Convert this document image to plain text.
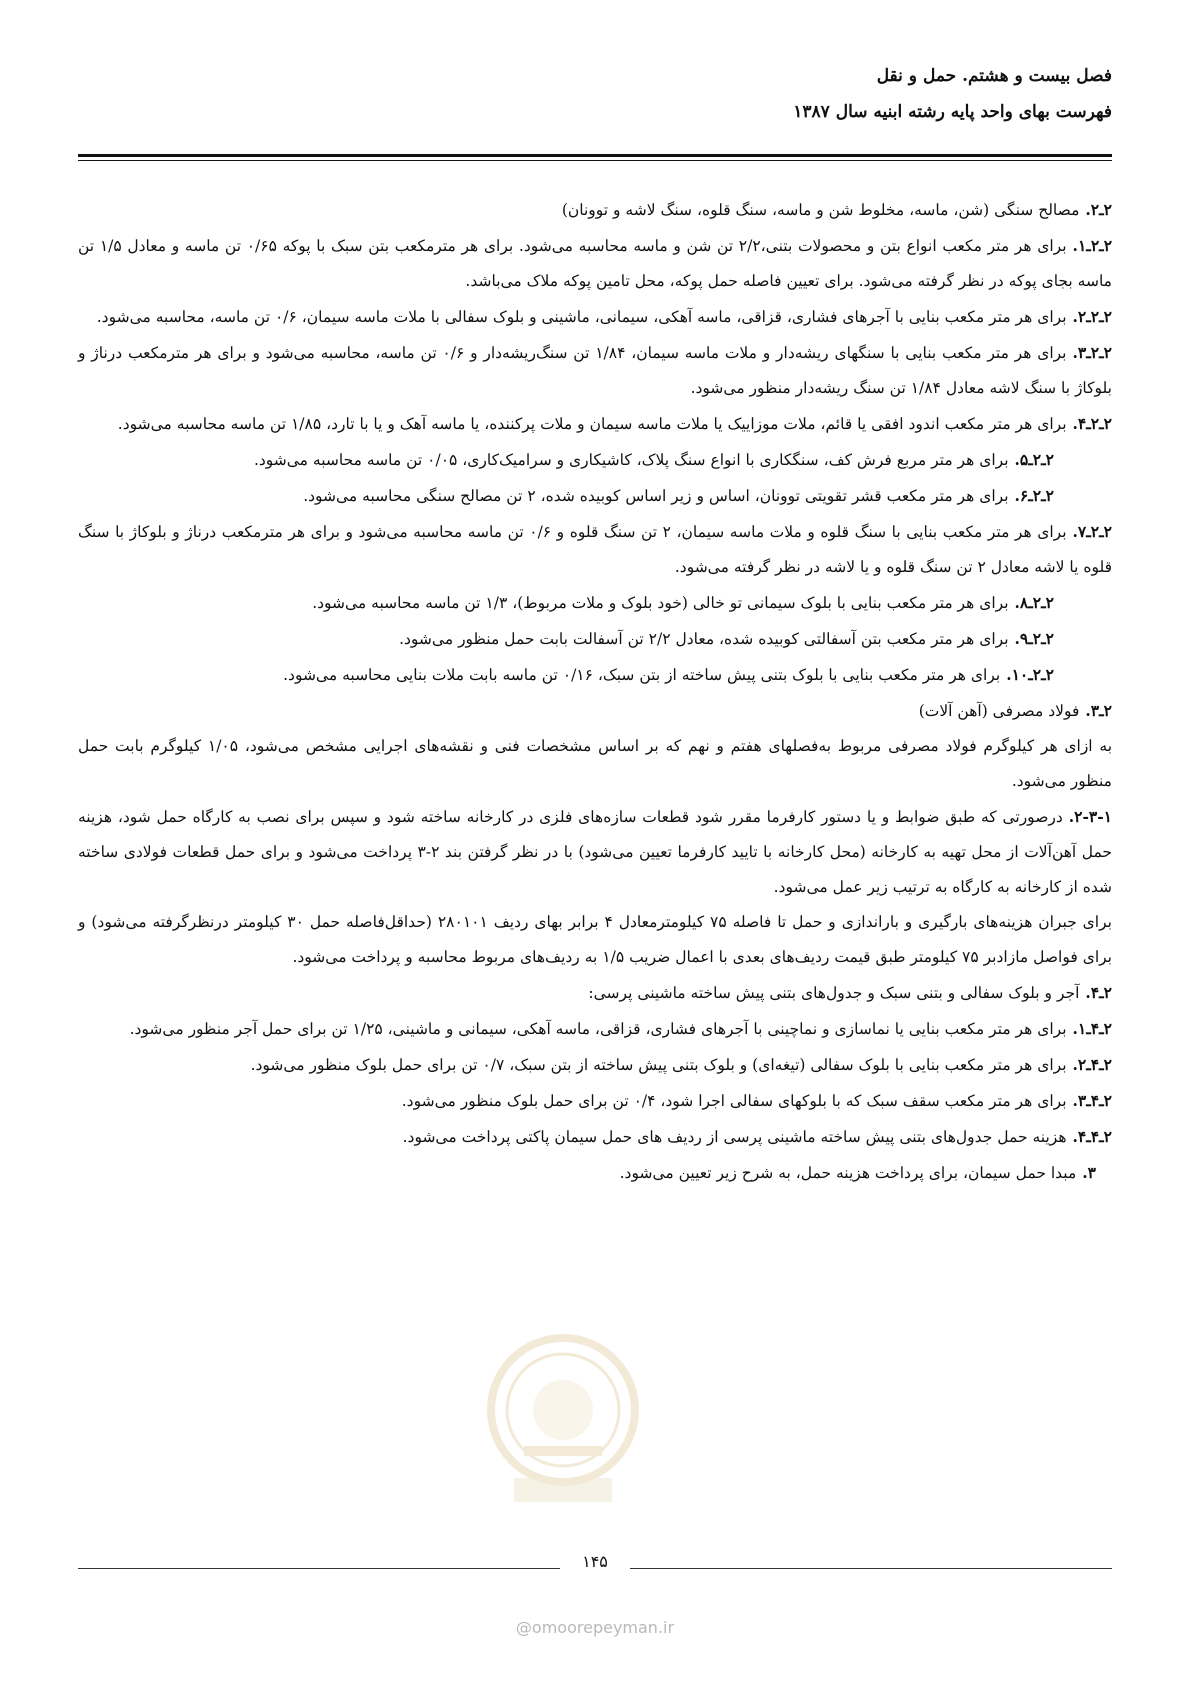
فصل بیست و هشتم. حمل و نقل
فهرست بهای واحد پایه رشته ابنیه سال ۱۳۸۷

۲ـ۲.مصالح سنگی (شن، ماسه، مخلوط شن و ماسه، سنگ قلوه، سنگ لاشه و توونان)

۲ـ۲ـ۱.برای هر متر مکعب انواع بتن و محصولات بتنی،۲/۲ تن شن و ماسه محاسبه می‌شود. برای هر مترمکعب بتن سبک با پوکه ۰/۶۵ تن ماسه و معادل ۱/۵ تن ماسه بجای پوکه در نظر گرفته می‌شود. برای تعیین فاصله حمل پوکه، محل تامین پوکه ملاک می‌باشد.

۲ـ۲ـ۲.برای هر متر مکعب بنایی با آجرهای فشاری، قزاقی، ماسه آهکی، سیمانی، ماشینی و بلوک سفالی با ملات ماسه سیمان، ۰/۶ تن ماسه، محاسبه می‌شود.

۲ـ۲ـ۳.برای هر متر مکعب بنایی با سنگهای ریشه‌دار و ملات ماسه سیمان، ۱/۸۴ تن سنگ‌ریشه‌دار و ۰/۶ تن ماسه، محاسبه می‌شود و برای هر مترمکعب درناژ و بلوکاژ با سنگ لاشه معادل ۱/۸۴ تن سنگ ریشه‌دار منظور می‌شود.

۲ـ۲ـ۴.برای هر متر مکعب اندود افقی یا قائم، ملات موزاییک یا ملات ماسه سیمان و ملات پرکننده، یا ماسه آهک و یا با تارد، ۱/۸۵ تن ماسه محاسبه می‌شود.

۲ـ۲ـ۵.برای هر متر مربع فرش کف، سنگکاری با انواع سنگ پلاک، کاشیکاری و سرامیک‌کاری، ۰/۰۵ تن ماسه محاسبه می‌شود.

۲ـ۲ـ۶.برای هر متر مکعب قشر تقویتی توونان، اساس و زیر اساس کوبیده شده، ۲ تن مصالح سنگی محاسبه می‌شود.

۲ـ۲ـ۷.برای هر متر مکعب بنایی با سنگ قلوه و ملات ماسه سیمان، ۲ تن سنگ قلوه و ۰/۶ تن ماسه محاسبه می‌شود و برای هر مترمکعب درناژ و بلوکاژ با سنگ قلوه یا لاشه معادل ۲ تن سنگ قلوه و یا لاشه در نظر گرفته می‌شود.

۲ـ۲ـ۸.برای هر متر مکعب بنایی با بلوک سیمانی تو خالی (خود بلوک و ملات مربوط)، ۱/۳ تن ماسه محاسبه می‌شود.

۲ـ۲ـ۹.برای هر متر مکعب بتن آسفالتی کوبیده شده، معادل ۲/۲ تن آسفالت بابت حمل منظور می‌شود.

۲ـ۲ـ۱۰.برای هر متر مکعب بنایی با بلوک بتنی پیش ساخته از بتن سبک، ۰/۱۶ تن ماسه بابت ملات بنایی محاسبه می‌شود.

۲ـ۳.فولاد مصرفی (آهن آلات)

به ازای هر کیلوگرم فولاد مصرفی مربوط به‌فصلهای هفتم و نهم که بر اساس مشخصات فنی و نقشه‌های اجرایی مشخص می‌شود، ۱/۰۵ کیلوگرم بابت حمل منظور می‌شود.

۲-۳-۱.درصورتی که طبق ضوابط و یا دستور کارفرما مقرر شود قطعات سازه‌های فلزی در کارخانه ساخته شود و سپس برای نصب به کارگاه حمل شود، هزینه حمل آهن‌آلات از محل تهیه به کارخانه (محل کارخانه با تایید کارفرما تعیین می‌شود) با در نظر گرفتن بند ۲-۳ پرداخت می‌شود و برای حمل قطعات فولادی ساخته شده از کارخانه به کارگاه به ترتیب زیر عمل می‌شود.

برای جبران هزینه‌های بارگیری و باراندازی و حمل تا فاصله ۷۵ کیلومترمعادل ۴ برابر بهای ردیف ۲۸۰۱۰۱ (حداقل‌فاصله حمل ۳۰ کیلومتر درنظرگرفته می‌شود) و برای فواصل مازادبر ۷۵ کیلومتر طبق قیمت ردیف‌های بعدی با اعمال ضریب ۱/۵ به ردیف‌های مربوط محاسبه و پرداخت می‌شود.

۲ـ۴.آجر و بلوک سفالی و بتنی سبک و جدول‌های بتنی پیش ساخته ماشینی پرسی:

۲ـ۴ـ۱.برای هر متر مکعب بنایی یا نماسازی و نماچینی با آجرهای فشاری، قزاقی، ماسه آهکی، سیمانی و ماشینی، ۱/۲۵ تن برای حمل آجر منظور می‌شود.

۲ـ۴ـ۲.برای هر متر مکعب بنایی با بلوک سفالی (تیغه‌ای) و بلوک بتنی پیش ساخته از بتن سبک، ۰/۷ تن برای حمل بلوک منظور می‌شود.

۲ـ۴ـ۳.برای هر متر مکعب سقف سبک که با بلوکهای سفالی اجرا شود، ۰/۴ تن برای حمل بلوک منظور می‌شود.

۲ـ۴ـ۴.هزینه حمل جدول‌های بتنی پیش ساخته ماشینی پرسی از ردیف های حمل سیمان پاکتی پرداخت می‌شود.

۳.مبدا حمل سیمان، برای پرداخت هزینه حمل، به شرح زیر تعیین می‌شود.

۱۴۵
@omoorepeyman.ir
